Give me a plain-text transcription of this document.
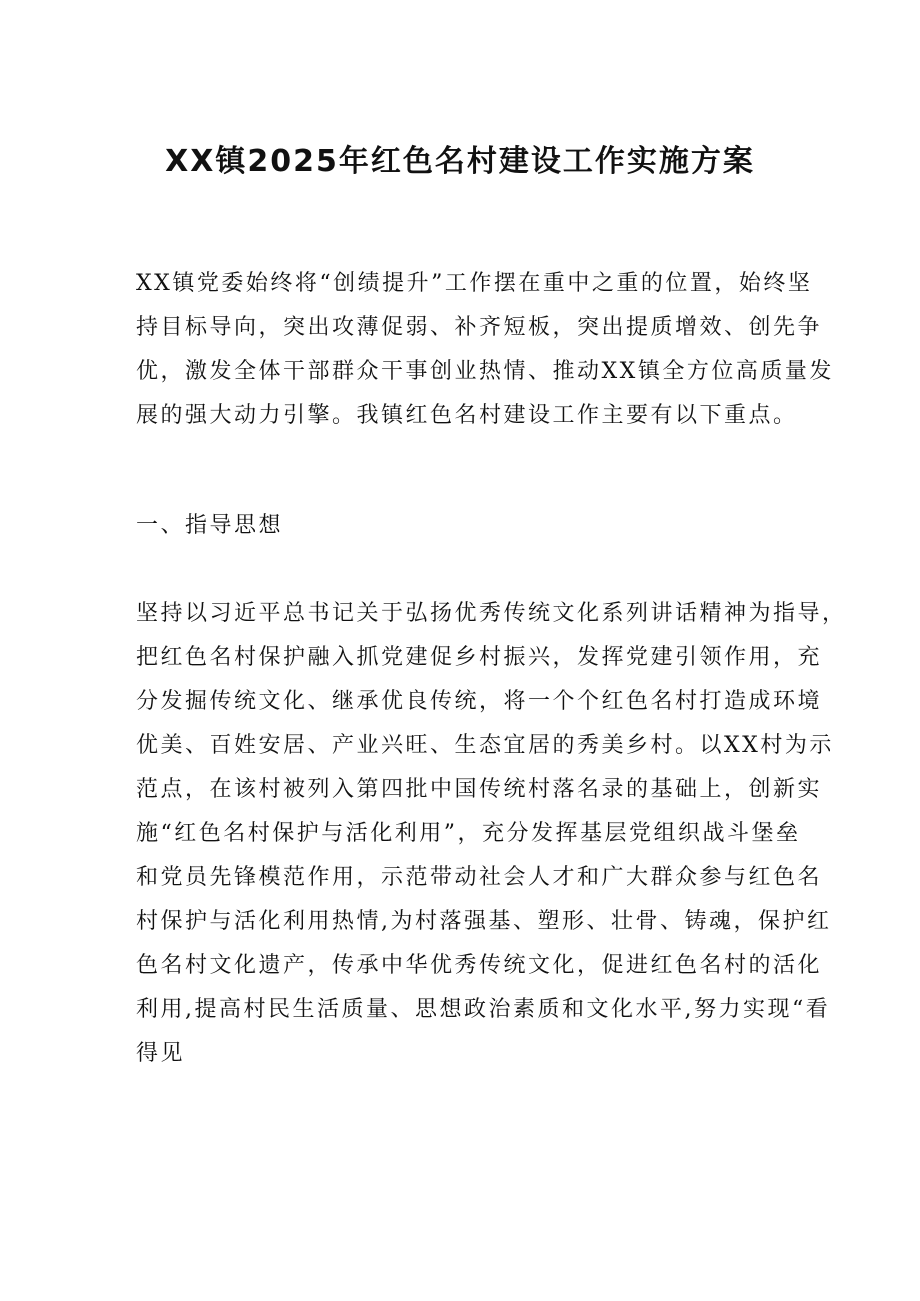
XX镇2025年红色名村建设工作实施方案
XX镇党委始终将“创绩提升”工作摆在重中之重的位置，始终坚
持目标导向，突出攻薄促弱、补齐短板，突出提质增效、创先争
优，激发全体干部群众干事创业热情、推动XX镇全方位高质量发
展的强大动力引擎。我镇红色名村建设工作主要有以下重点。
一、指导思想
坚持以习近平总书记关于弘扬优秀传统文化系列讲话精神为指导，
把红色名村保护融入抓党建促乡村振兴，发挥党建引领作用，充
分发掘传统文化、继承优良传统，将一个个红色名村打造成环境
优美、百姓安居、产业兴旺、生态宜居的秀美乡村。以XX村为示
范点，在该村被列入第四批中国传统村落名录的基础上，创新实
施“红色名村保护与活化利用”，充分发挥基层党组织战斗堡垒
和党员先锋模范作用，示范带动社会人才和广大群众参与红色名
村保护与活化利用热情,为村落强基、塑形、壮骨、铸魂，保护红
色名村文化遗产，传承中华优秀传统文化，促进红色名村的活化
利用,提高村民生活质量、思想政治素质和文化水平,努力实现“看
得见
